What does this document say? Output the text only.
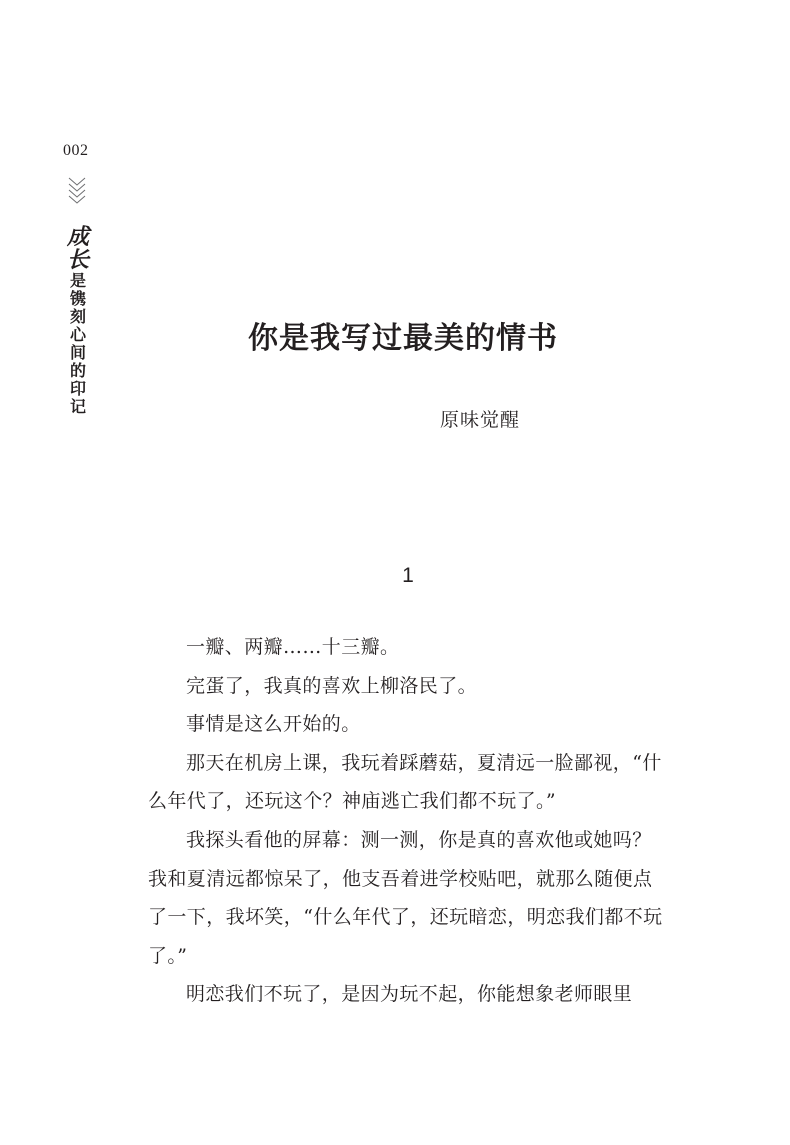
002
成
长
是
镌
刻
心
间
的
印
记
你是我写过最美的情书
原味觉醒
1

一瓣、两瓣……十三瓣。

完蛋了，我真的喜欢上柳洛民了。

事情是这么开始的。

那天在机房上课，我玩着踩蘑菇，夏清远一脸鄙视，“什么年代了，还玩这个？神庙逃亡我们都不玩了。”

我探头看他的屏幕：测一测，你是真的喜欢他或她吗？我和夏清远都惊呆了，他支吾着进学校贴吧，就那么随便点了一下，我坏笑，“什么年代了，还玩暗恋，明恋我们都不玩了。”

明恋我们不玩了，是因为玩不起，你能想象老师眼里
